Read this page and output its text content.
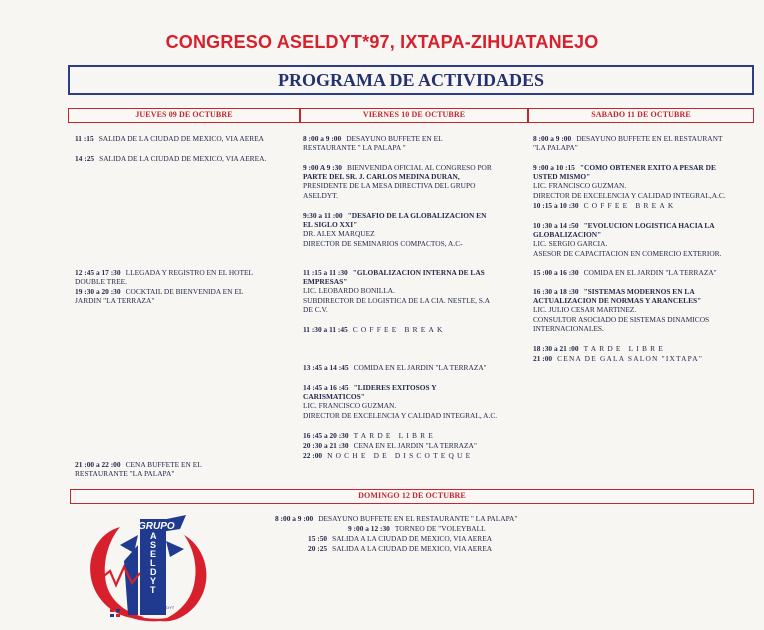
CONGRESO ASELDYT*97, IXTAPA-ZIHUATANEJO
PROGRAMA DE ACTIVIDADES
JUEVES 09 DE OCTUBRE	VIERNES 10 DE OCTUBRE	SABADO 11 DE OCTUBRE
DOMINGO 12 DE OCTUBRE
11 :15 SALIDA DE LA CIUDAD DE MEXICO, VIA AEREA
14 :25 SALIDA DE LA CIUDAD DE MEXICO, VIA AEREA.
12 :45 a 17 :30 LLEGADA Y REGISTRO EN EL HOTEL
DOUBLE TREE.
19 :30 a 20 :30 COCKTAIL DE BIENVENIDA EN EL
JARDIN "LA TERRAZA"
21 :00 a 22 :00 CENA BUFFETE EN EL
RESTAURANTE "LA PALAPA"
8 :00 a 9 :00 DESAYUNO BUFFETE EN EL
RESTAURANTE " LA PALAPA "
9 :00 A 9 :30 BIENVENIDA OFICIAL AL CONGRESO POR
PARTE DEL SR. J. CARLOS MEDINA DURAN,
PRESIDENTE DE LA MESA DIRECTIVA DEL GRUPO
ASELDYT.
9:30 a 11 :00 "DESAFIO DE LA GLOBALIZACION EN
EL SIGLO XXI"
DR. ALEX MARQUEZ
DIRECTOR DE SEMINARIOS COMPACTOS, A.C-
11 :15 a 11 :30 "GLOBALIZACION INTERNA DE LAS
EMPRESAS"
LIC. LEOBARDO BONILLA.
SUBDIRECTOR DE LOGISTICA DE LA CIA. NESTLE, S.A
DE C.V.
11 :30 a 11 :45 COFFEE BREAK
13 :45 a 14 :45 COMIDA EN EL JARDIN "LA TERRAZA"
14 :45 a 16 :45 "LIDERES EXITOSOS Y
CARISMATICOS"
LIC. FRANCISCO GUZMAN.
DIRECTOR DE EXCELENCIA Y CALIDAD INTEGRAL, A.C.
16 :45 a 20 :30 TARDE LIBRE
20 :30 a 21 :30 CENA EN EL JARDIN "LA TERRAZA"
22 :00 NOCHE DE DISCOTEQUE
8 :00 a 9 :00 DESAYUNO BUFFETE EN EL RESTAURANT
"LA PALAPA"
9 :00 a 10 :15 "COMO OBTENER EXITO A PESAR DE
USTED MISMO"
LIC. FRANCISCO GUZMAN.
DIRECTOR DE EXCELENCIA Y CALIDAD INTEGRAL,A.C.
10 :15 a 10 :30 COFFEE BREAK
10 :30 a 14 :50 "EVOLUCION LOGISTICA HACIA LA
GLOBALIZACION"
LIC. SERGIO GARCIA.
ASESOR DE CAPACITACION EN COMERCIO EXTERIOR.
15 :00 a 16 :30 COMIDA EN EL JARDIN "LA TERRAZA"
16 :30 a 18 :30 "SISTEMAS MODERNOS EN LA
ACTUALIZACION DE NORMAS Y ARANCELES"
LIC. JULIO CESAR MARTINEZ.
CONSULTOR ASOCIADO DE SISTEMAS DINAMICOS
INTERNACIONALES.
18 :30 a 21 :00 TARDE LIBRE
21 :00 CENA DE GALA SALON "IXTAPA"
8 :00 a 9 :00 DESAYUNO BUFFETE EN EL RESTAURANTE " LA PALAPA"
9 :00 a 12 :30 TORNEO DE "VOLEYBALL
15 :50 SALIDA A LA CIUDAD DE MEXICO, VIA AEREA
20 :25 SALIDA A LA CIUDAD DE MEXICO, VIA AEREA
GRUPO
ASELDYT
ASELDYT
